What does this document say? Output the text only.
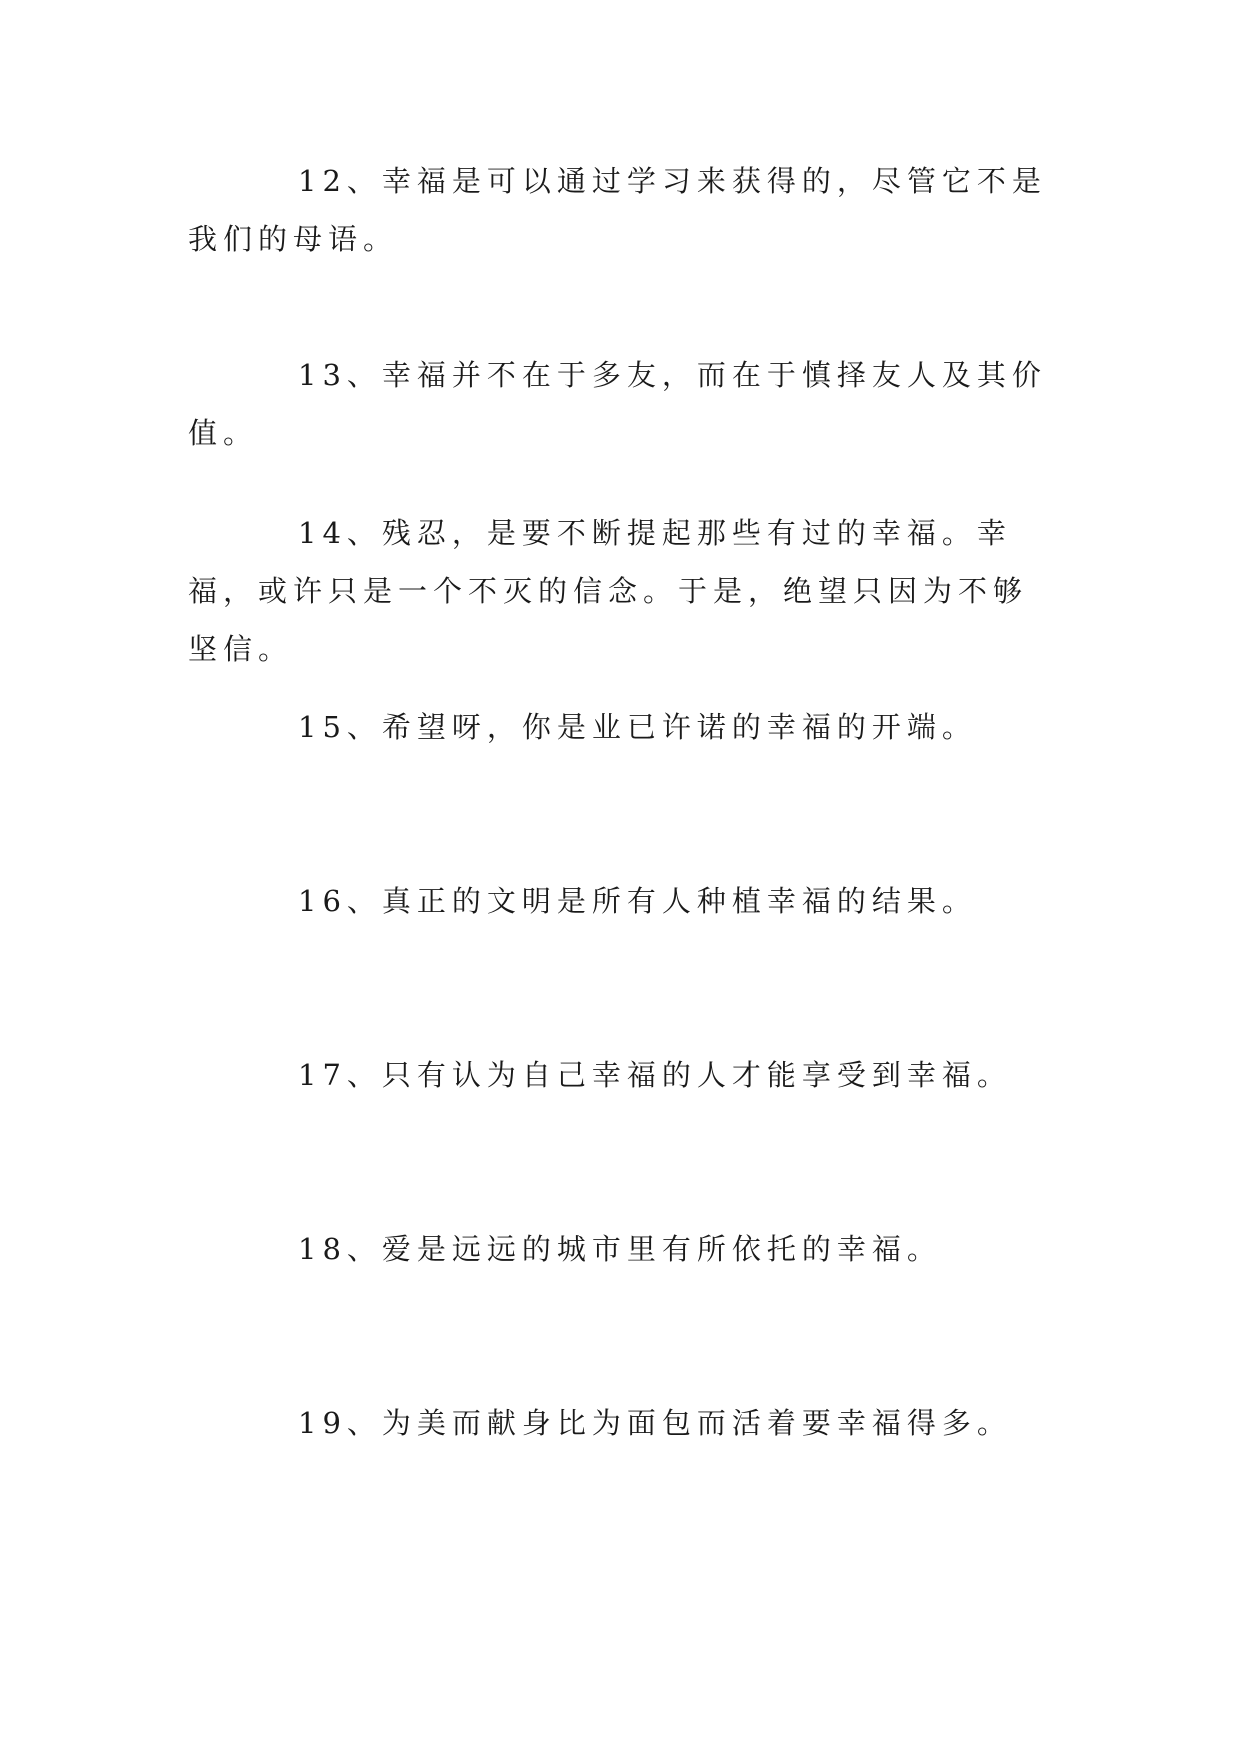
12、幸福是可以通过学习来获得的，尽管它不是我们的母语。

13、幸福并不在于多友，而在于慎择友人及其价值。

14、残忍，是要不断提起那些有过的幸福。幸福，或许只是一个不灭的信念。于是，绝望只因为不够坚信。

15、希望呀，你是业已许诺的幸福的开端。

16、真正的文明是所有人种植幸福的结果。

17、只有认为自己幸福的人才能享受到幸福。

18、爱是远远的城市里有所依托的幸福。

19、为美而献身比为面包而活着要幸福得多。
